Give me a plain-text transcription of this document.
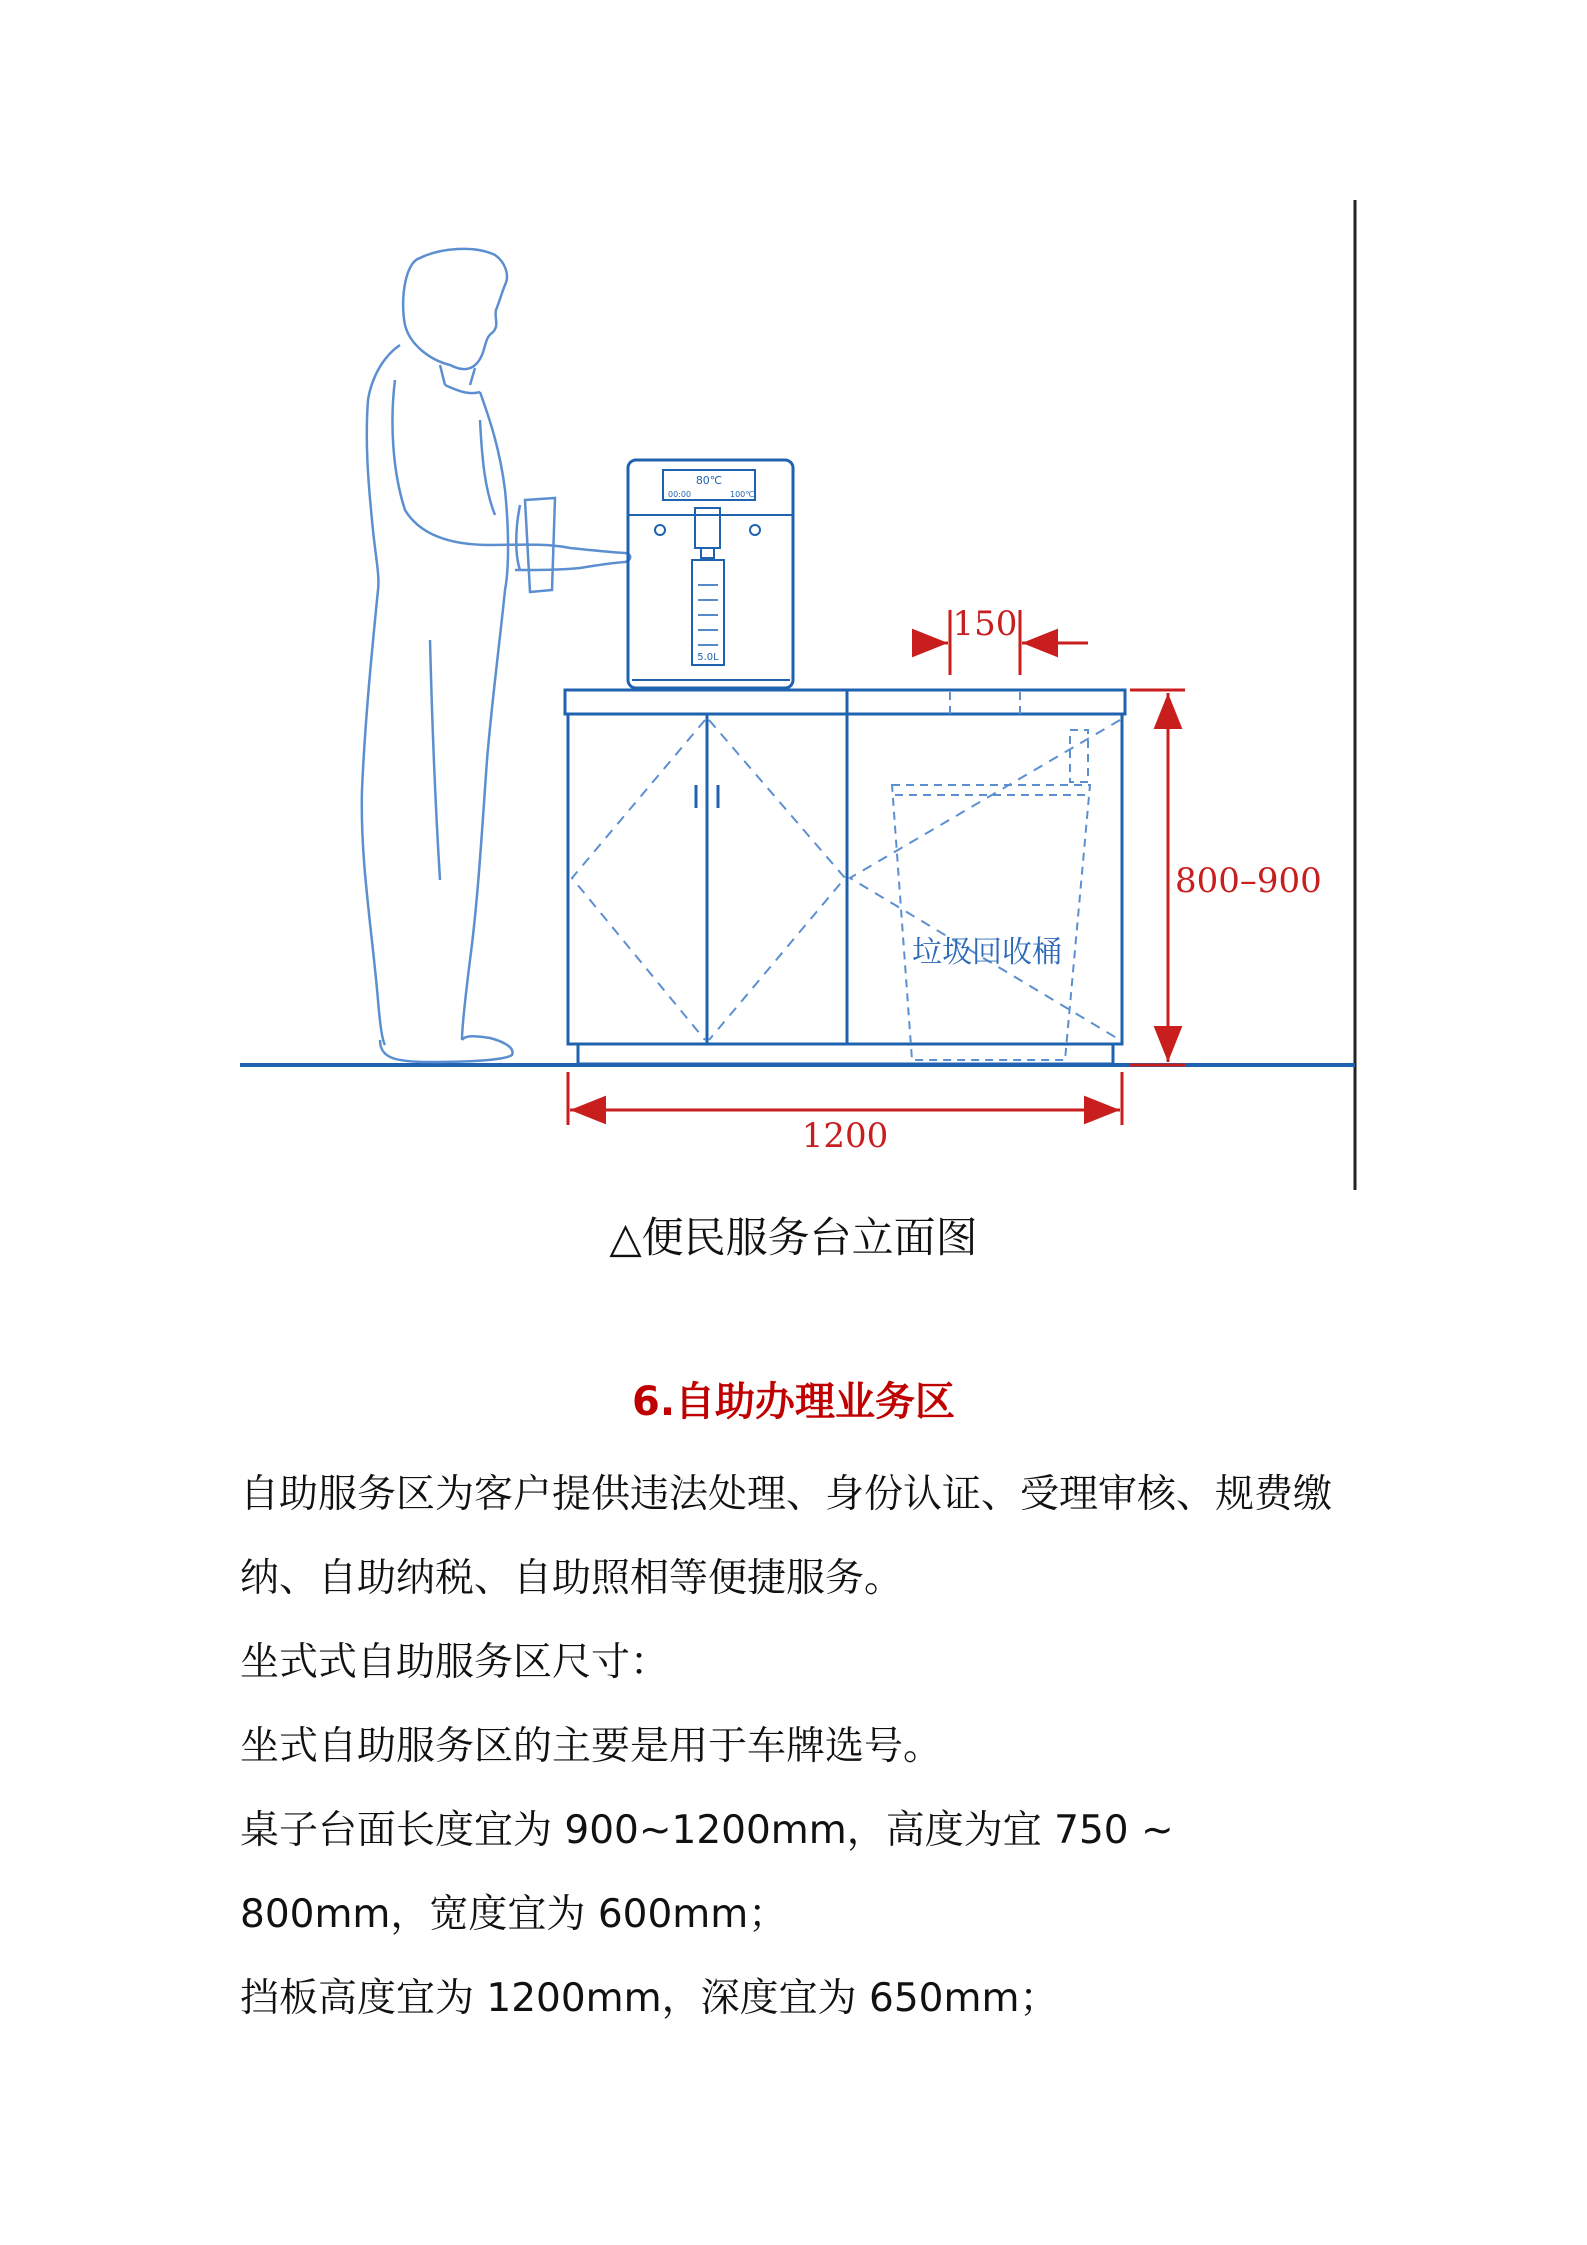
垃圾回收桶
80℃
00:00	100℃
5.0L
1200
800–900
150
△便民服务台立面图
6.自助办理业务区

自助服务区为客户提供违法处理、身份认证、受理审核、规费缴纳、自助纳税、自助照相等便捷服务。

坐式式自助服务区尺寸：

坐式自助服务区的主要是用于车牌选号。

桌子台面长度宜为 900~1200mm，高度为宜 750 ~ 800mm，宽度宜为 600mm；

挡板高度宜为 1200mm，深度宜为 650mm；
